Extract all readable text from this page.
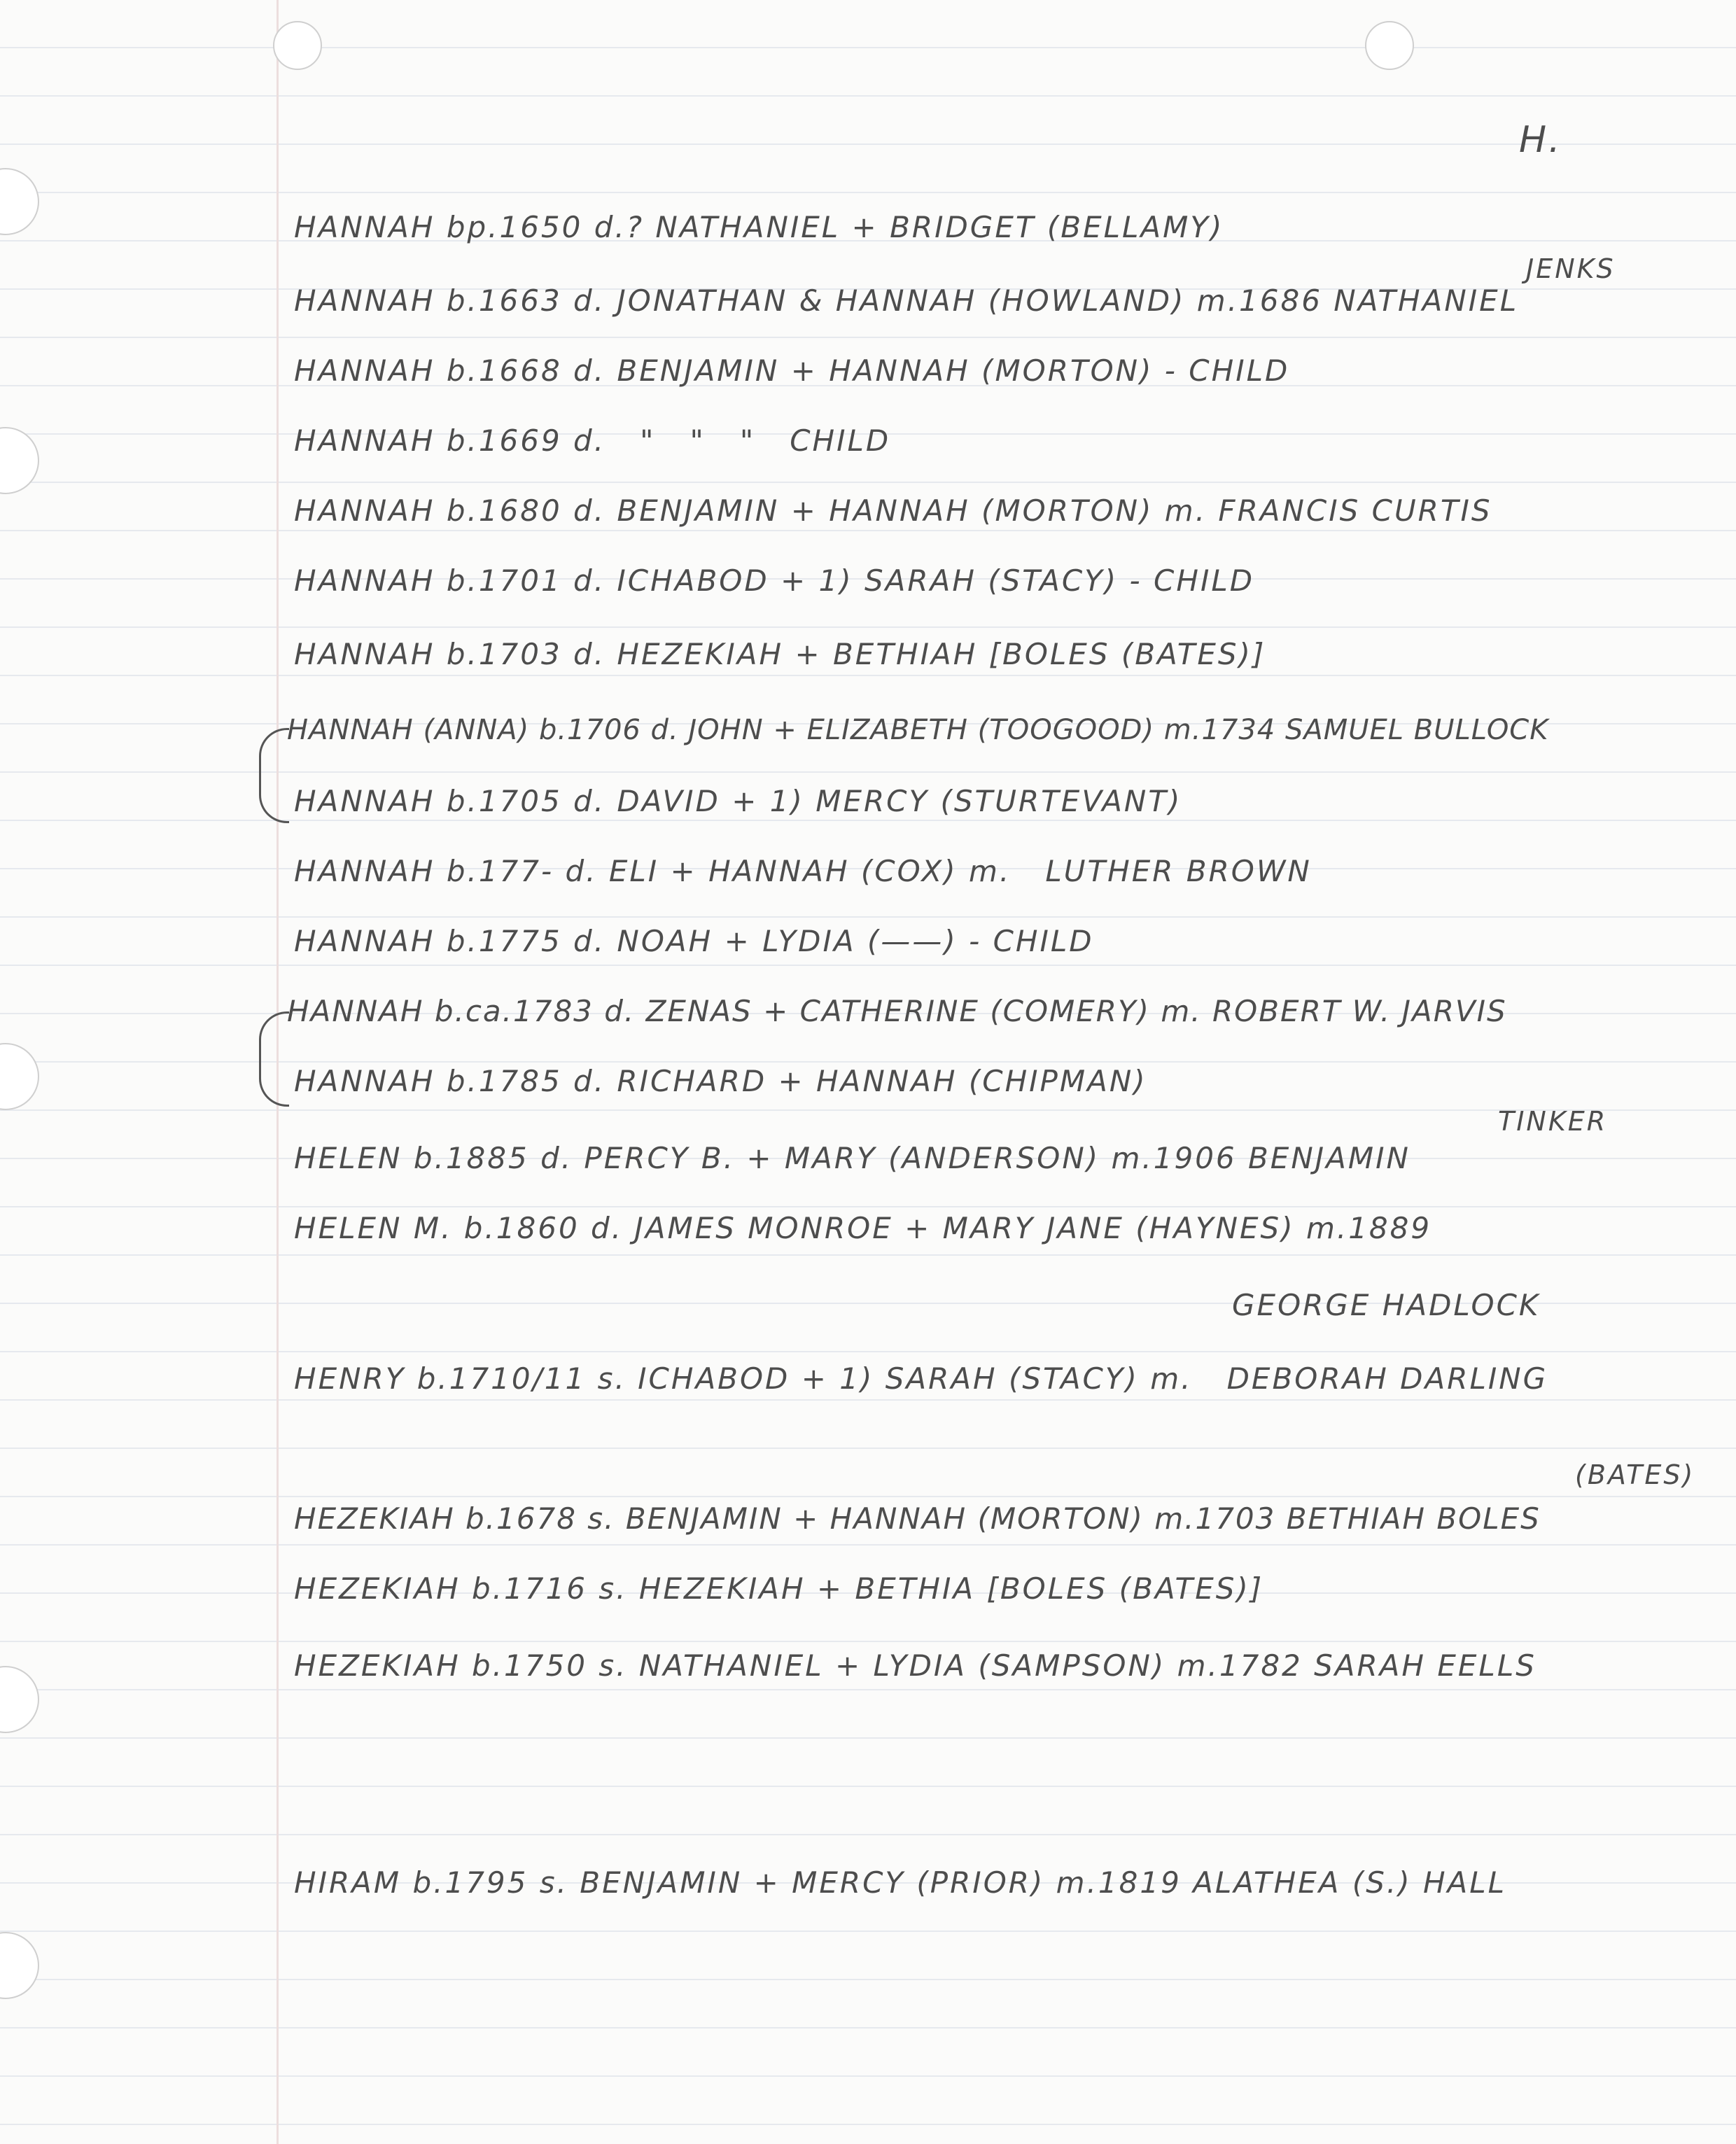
H.
HANNAH bp.1650 d.? NATHANIEL + BRIDGET (BELLAMY)
JENKS
HANNAH b.1663 d. JONATHAN & HANNAH (HOWLAND) m.1686 NATHANIEL
HANNAH b.1668 d. BENJAMIN + HANNAH (MORTON) - CHILD
HANNAH b.1669 d.   "   "   "   CHILD
HANNAH b.1680 d. BENJAMIN + HANNAH (MORTON) m. FRANCIS CURTIS
HANNAH b.1701 d. ICHABOD + 1) SARAH (STACY) - CHILD
HANNAH b.1703 d. HEZEKIAH + BETHIAH [BOLES (BATES)]
HANNAH (ANNA) b.1706 d. JOHN + ELIZABETH (TOOGOOD) m.1734 SAMUEL BULLOCK
HANNAH b.1705 d. DAVID + 1) MERCY (STURTEVANT)
HANNAH b.177- d. ELI + HANNAH (COX) m.   LUTHER BROWN
HANNAH b.1775 d. NOAH + LYDIA (——) - CHILD
HANNAH b.ca.1783 d. ZENAS + CATHERINE (COMERY) m. ROBERT W. JARVIS
HANNAH b.1785 d. RICHARD + HANNAH (CHIPMAN)
TINKER
HELEN b.1885 d. PERCY B. + MARY (ANDERSON) m.1906 BENJAMIN
HELEN M. b.1860 d. JAMES MONROE + MARY JANE (HAYNES) m.1889
GEORGE HADLOCK
HENRY b.1710/11 s. ICHABOD + 1) SARAH (STACY) m.   DEBORAH DARLING
(BATES)
HEZEKIAH b.1678 s. BENJAMIN + HANNAH (MORTON) m.1703 BETHIAH BOLES
HEZEKIAH b.1716 s. HEZEKIAH + BETHIA [BOLES (BATES)]
HEZEKIAH b.1750 s. NATHANIEL + LYDIA (SAMPSON) m.1782 SARAH EELLS
HIRAM b.1795 s. BENJAMIN + MERCY (PRIOR) m.1819 ALATHEA (S.) HALL
